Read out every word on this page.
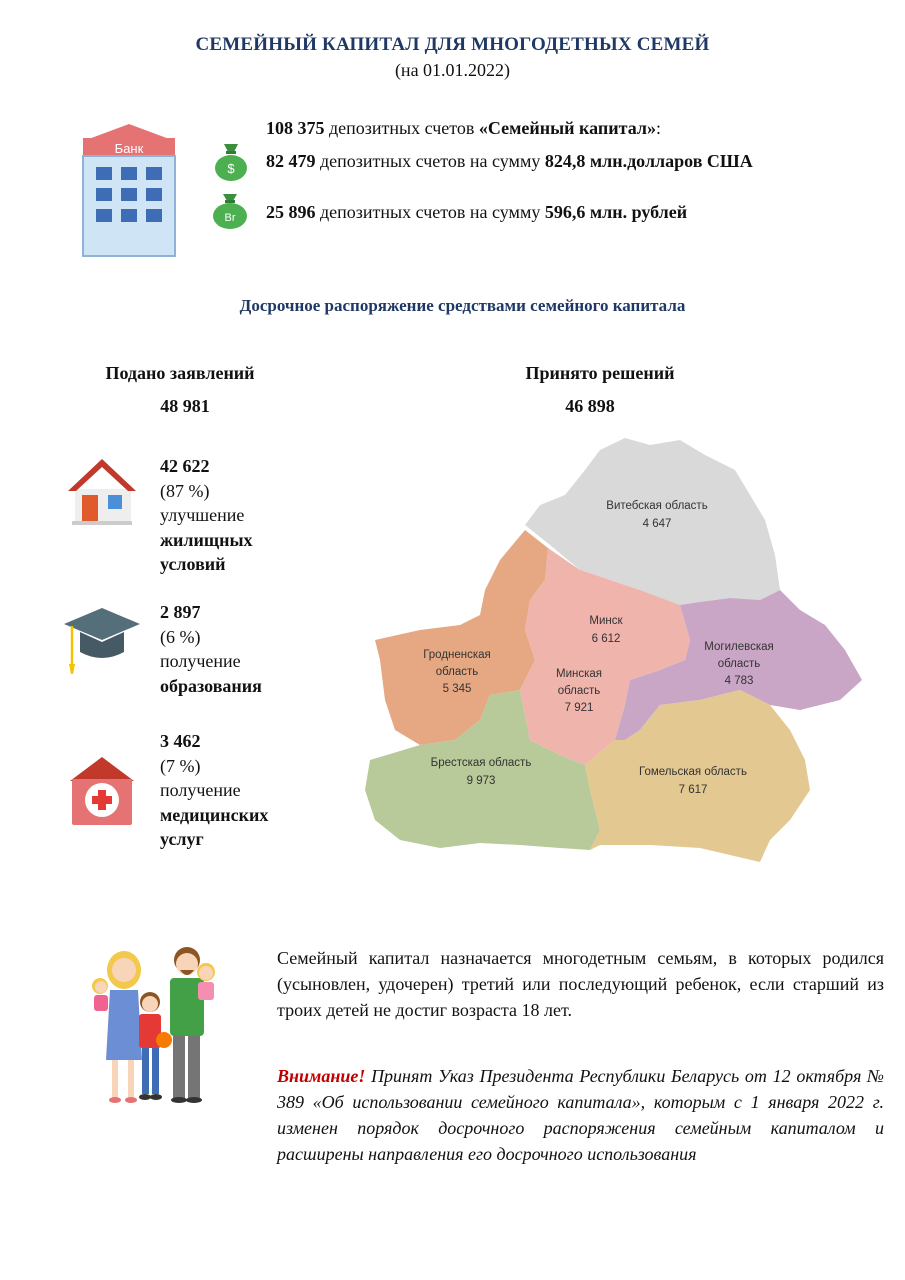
СЕМЕЙНЫЙ КАПИТАЛ ДЛЯ МНОГОДЕТНЫХ СЕМЕЙ
(на 01.01.2022)
Банк
$
Br
108 375 депозитных счетов «Семейный капитал»:
82 479 депозитных счетов на сумму 824,8 млн.долларов США
25 896 депозитных счетов на сумму 596,6 млн. рублей
Досрочное распоряжение средствами семейного капитала
Подано заявлений
48 981
Принято решений
46 898
42 622
(87 %)
улучшение
жилищных
условий
2 897
(6 %)
получение
образования
3 462
(7 %)
получение
медицинских
услуг
Витебская область
4 647
Минск
6 612
Гродненская
область
5 345
Минская
область
7 921
Могилевская
область
4 783
Брестская область
9 973
Гомельская область
7 617
Семейный капитал назначается многодетным семьям, в которых родился (усыновлен, удочерен) третий или последующий ребенок, если старший из троих детей не достиг возраста 18 лет.
Внимание! Принят Указ Президента Республики Беларусь от 12 октября № 389 «Об использовании семейного капитала», которым с 1 января 2022 г. изменен порядок досрочного распоряжения семейным капиталом и расширены направления его досрочного использования
